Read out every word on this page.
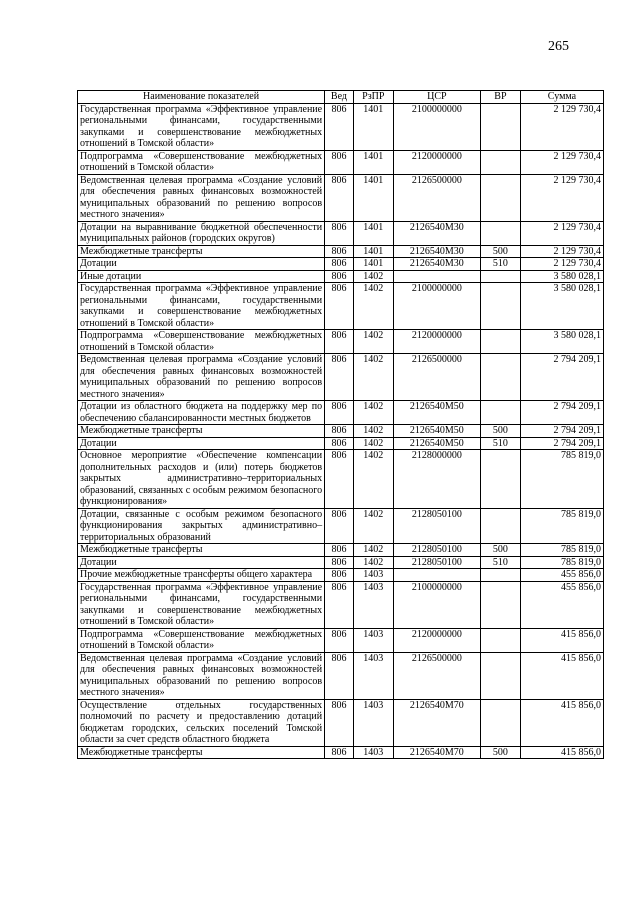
265
Наименование показателей	Вед	РзПР	ЦСР	ВР	Сумма
Государственная программа «Эффективное управление региональными финансами, государственными закупками и совершенствование межбюджетных отношений в Томской области»	806	1401	2100000000		2 129 730,4
Подпрограмма «Совершенствование межбюджетных отношений в Томской области»	806	1401	2120000000		2 129 730,4
Ведомственная целевая программа «Создание условий для обеспечения равных финансовых возможностей муниципальных образований по решению вопросов местного значения»	806	1401	2126500000		2 129 730,4
Дотации на выравнивание бюджетной обеспеченности муниципальных районов (городских округов)	806	1401	2126540М30		2 129 730,4
Межбюджетные трансферты	806	1401	2126540М30	500	2 129 730,4
Дотации	806	1401	2126540М30	510	2 129 730,4
Иные дотации	806	1402			3 580 028,1
Государственная программа «Эффективное управление региональными финансами, государственными закупками и совершенствование межбюджетных отношений в Томской области»	806	1402	2100000000		3 580 028,1
Подпрограмма «Совершенствование межбюджетных отношений в Томской области»	806	1402	2120000000		3 580 028,1
Ведомственная целевая программа «Создание условий для обеспечения равных финансовых возможностей муниципальных образований по решению вопросов местного значения»	806	1402	2126500000		2 794 209,1
Дотации из областного бюджета на поддержку мер по обеспечению сбалансированности местных бюджетов	806	1402	2126540М50		2 794 209,1
Межбюджетные трансферты	806	1402	2126540М50	500	2 794 209,1
Дотации	806	1402	2126540М50	510	2 794 209,1
Основное мероприятие «Обеспечение компенсации дополнительных расходов и (или) потерь бюджетов закрытых административно–территориальных образований, связанных с особым режимом безопасного функционирования»	806	1402	2128000000		785 819,0
Дотации, связанные с особым режимом безопасного функционирования закрытых административно–территориальных образований	806	1402	2128050100		785 819,0
Межбюджетные трансферты	806	1402	2128050100	500	785 819,0
Дотации	806	1402	2128050100	510	785 819,0
Прочие межбюджетные трансферты общего характера	806	1403			455 856,0
Государственная программа «Эффективное управление региональными финансами, государственными закупками и совершенствование межбюджетных отношений в Томской области»	806	1403	2100000000		455 856,0
Подпрограмма «Совершенствование межбюджетных отношений в Томской области»	806	1403	2120000000		415 856,0
Ведомственная целевая программа «Создание условий для обеспечения равных финансовых возможностей муниципальных образований по решению вопросов местного значения»	806	1403	2126500000		415 856,0
Осуществление отдельных государственных полномочий по расчету и предоставлению дотаций бюджетам городских, сельских поселений Томской области за счет средств областного бюджета	806	1403	2126540М70		415 856,0
Межбюджетные трансферты	806	1403	2126540М70	500	415 856,0
